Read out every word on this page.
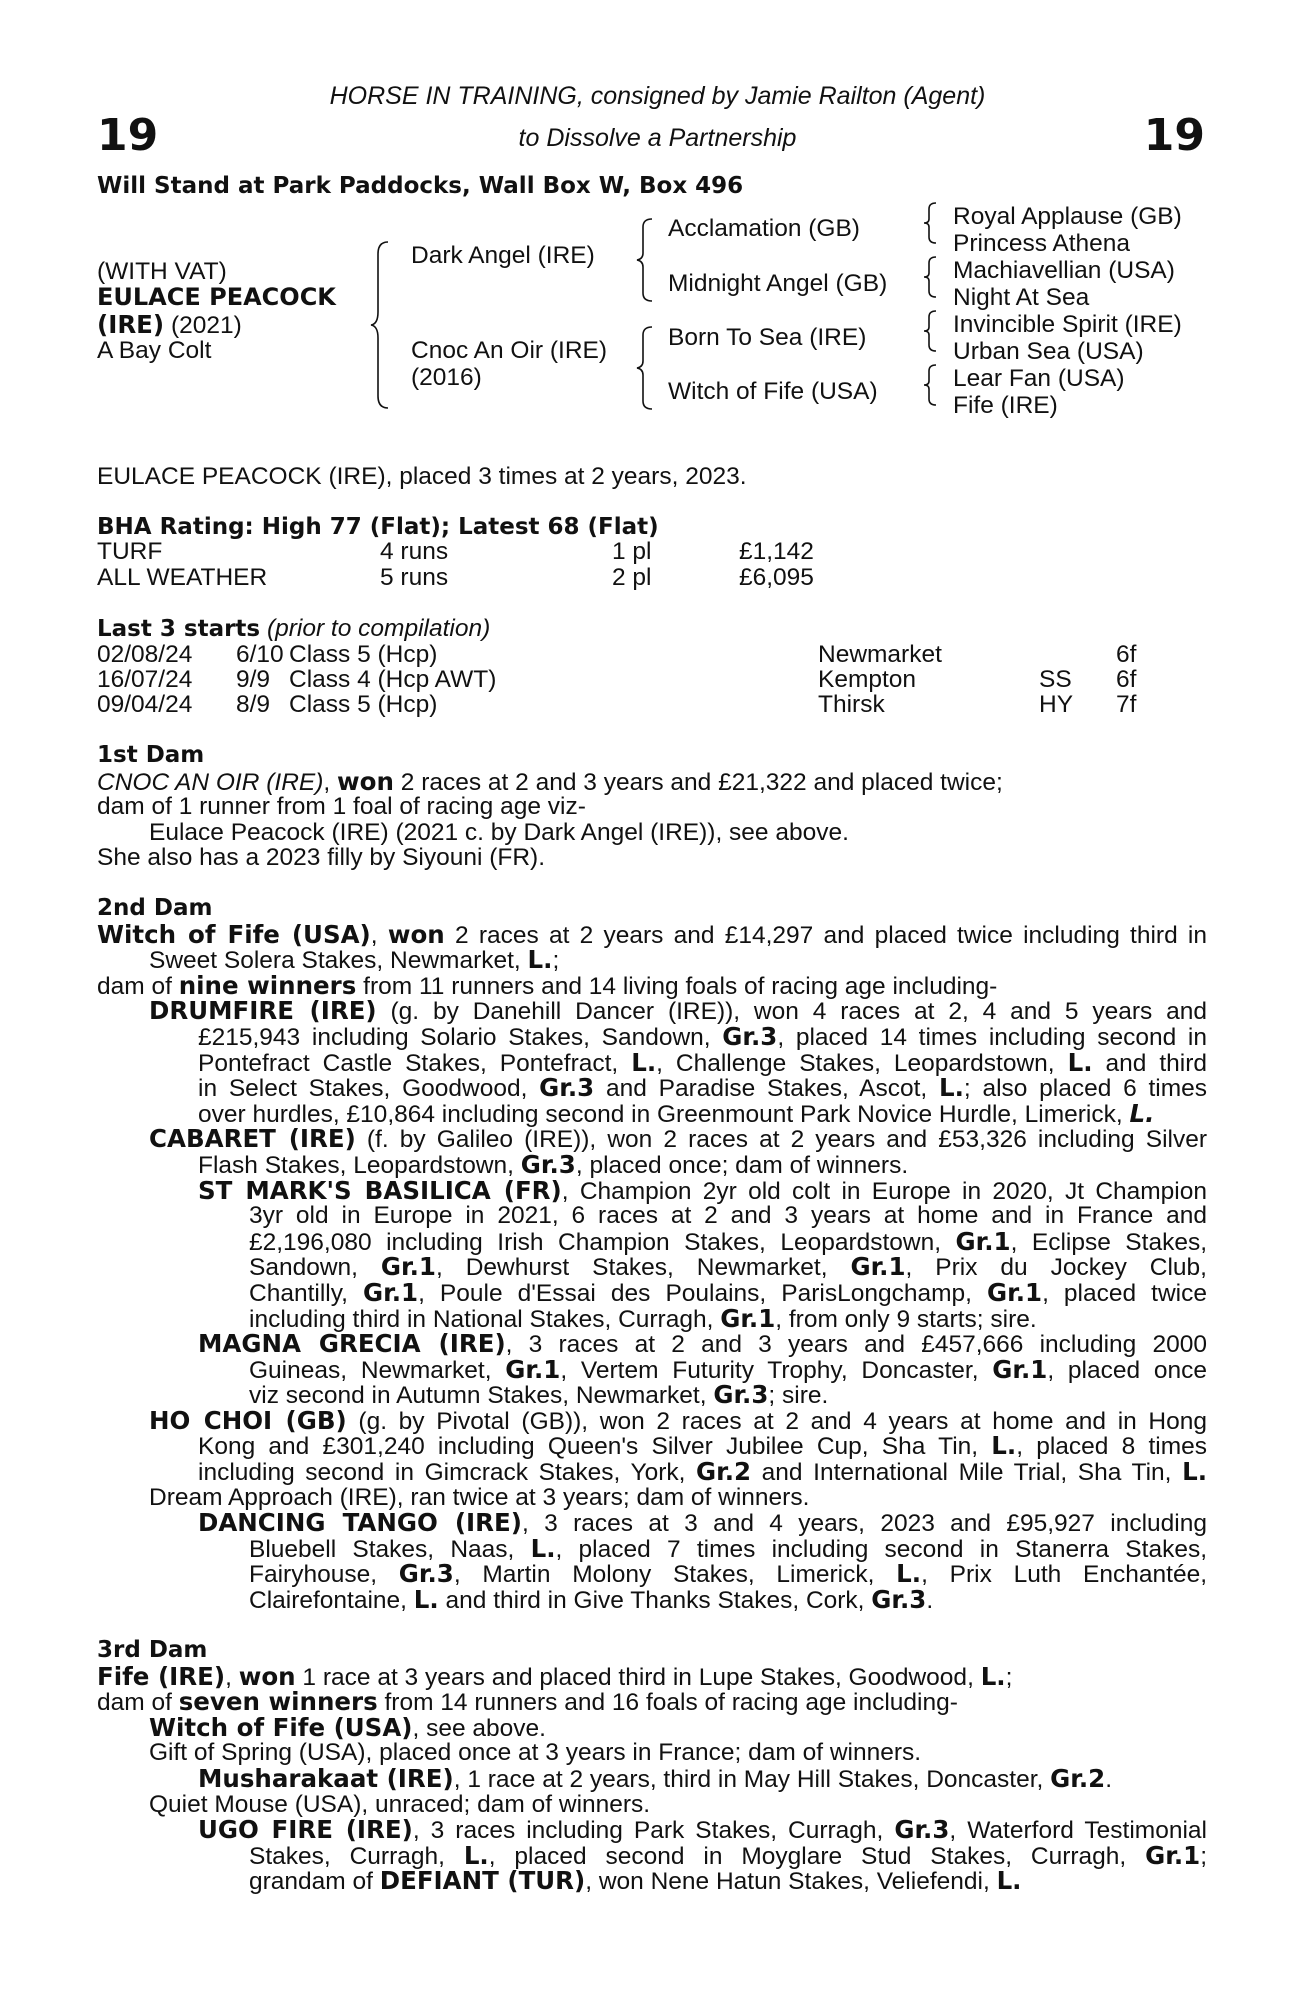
19	19
HORSE IN TRAINING, consigned by Jamie Railton (Agent)
to Dissolve a Partnership
Will Stand at Park Paddocks, Wall Box W, Box 496
(WITH VAT)
EULACE PEACOCK
(IRE) (2021)
A Bay Colt
Dark Angel (IRE)
Cnoc An Oir (IRE)
(2016)
Acclamation (GB)
Midnight Angel (GB)
Born To Sea (IRE)
Witch of Fife (USA)
Royal Applause (GB)
Princess Athena
Machiavellian (USA)
Night At Sea
Invincible Spirit (IRE)
Urban Sea (USA)
Lear Fan (USA)
Fife (IRE)
EULACE PEACOCK (IRE), placed 3 times at 2 years, 2023.
BHA Rating: High 77 (Flat); Latest 68 (Flat)
TURF	4 runs	1 pl	£1,142
ALL WEATHER	5 runs	2 pl	£6,095
Last 3 starts (prior to compilation)
02/08/24 6/10 Class 5 (Hcp)	Newmarket	6f
16/07/24 9/9 Class 4 (Hcp AWT)	Kempton	SS 6f
09/04/24 8/9 Class 5 (Hcp)	Thirsk	HY 7f
1st Dam
CNOC AN OIR (IRE), won 2 races at 2 and 3 years and £21,322 and placed twice;
dam of 1 runner from 1 foal of racing age viz-
Eulace Peacock (IRE) (2021 c. by Dark Angel (IRE)), see above.
She also has a 2023 filly by Siyouni (FR).
2nd Dam
Witch of Fife (USA), won 2 races at 2 years and £14,297 and placed twice including third in
Sweet Solera Stakes, Newmarket, L.;
dam of nine winners from 11 runners and 14 living foals of racing age including-
DRUMFIRE (IRE) (g. by Danehill Dancer (IRE)), won 4 races at 2, 4 and 5 years and
£215,943 including Solario Stakes, Sandown, Gr.3, placed 14 times including second in
Pontefract Castle Stakes, Pontefract, L., Challenge Stakes, Leopardstown, L. and third
in Select Stakes, Goodwood, Gr.3 and Paradise Stakes, Ascot, L.; also placed 6 times
over hurdles, £10,864 including second in Greenmount Park Novice Hurdle, Limerick, L.
CABARET (IRE) (f. by Galileo (IRE)), won 2 races at 2 years and £53,326 including Silver
Flash Stakes, Leopardstown, Gr.3, placed once; dam of winners.
ST MARK'S BASILICA (FR), Champion 2yr old colt in Europe in 2020, Jt Champion
3yr old in Europe in 2021, 6 races at 2 and 3 years at home and in France and
£2,196,080 including Irish Champion Stakes, Leopardstown, Gr.1, Eclipse Stakes,
Sandown, Gr.1, Dewhurst Stakes, Newmarket, Gr.1, Prix du Jockey Club,
Chantilly, Gr.1, Poule d'Essai des Poulains, ParisLongchamp, Gr.1, placed twice
including third in National Stakes, Curragh, Gr.1, from only 9 starts; sire.
MAGNA GRECIA (IRE), 3 races at 2 and 3 years and £457,666 including 2000
Guineas, Newmarket, Gr.1, Vertem Futurity Trophy, Doncaster, Gr.1, placed once
viz second in Autumn Stakes, Newmarket, Gr.3; sire.
HO CHOI (GB) (g. by Pivotal (GB)), won 2 races at 2 and 4 years at home and in Hong
Kong and £301,240 including Queen's Silver Jubilee Cup, Sha Tin, L., placed 8 times
including second in Gimcrack Stakes, York, Gr.2 and International Mile Trial, Sha Tin, L.
Dream Approach (IRE), ran twice at 3 years; dam of winners.
DANCING TANGO (IRE), 3 races at 3 and 4 years, 2023 and £95,927 including
Bluebell Stakes, Naas, L., placed 7 times including second in Stanerra Stakes,
Fairyhouse, Gr.3, Martin Molony Stakes, Limerick, L., Prix Luth Enchantée,
Clairefontaine, L. and third in Give Thanks Stakes, Cork, Gr.3.
3rd Dam
Fife (IRE), won 1 race at 3 years and placed third in Lupe Stakes, Goodwood, L.;
dam of seven winners from 14 runners and 16 foals of racing age including-
Witch of Fife (USA), see above.
Gift of Spring (USA), placed once at 3 years in France; dam of winners.
Musharakaat (IRE), 1 race at 2 years, third in May Hill Stakes, Doncaster, Gr.2.
Quiet Mouse (USA), unraced; dam of winners.
UGO FIRE (IRE), 3 races including Park Stakes, Curragh, Gr.3, Waterford Testimonial
Stakes, Curragh, L., placed second in Moyglare Stud Stakes, Curragh, Gr.1;
grandam of DEFIANT (TUR), won Nene Hatun Stakes, Veliefendi, L.
